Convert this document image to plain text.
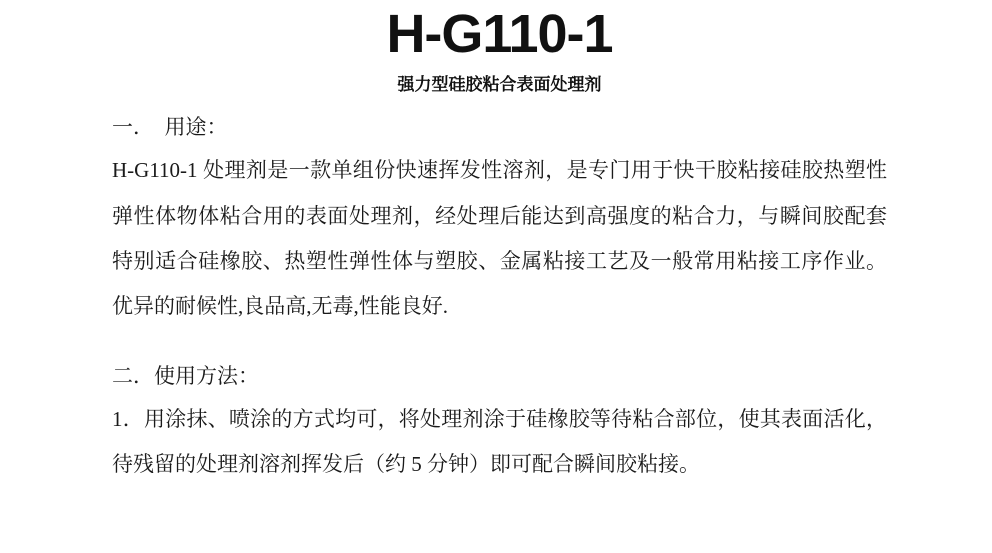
H-G110-1
强力型硅胶粘合表面处理剂
一．  用途：

H-G110-1 处理剂是一款单组份快速挥发性溶剂，是专门用于快干胶粘接硅胶热塑性弹性体物体粘合用的表面处理剂，经处理后能达到高强度的粘合力，与瞬间胶配套特别适合硅橡胶、热塑性弹性体与塑胶、金属粘接工艺及一般常用粘接工序作业。优异的耐候性,良品高,无毒,性能良好.

二．使用方法：

1．用涂抹、喷涂的方式均可，将处理剂涂于硅橡胶等待粘合部位，使其表面活化，待残留的处理剂溶剂挥发后（约 5 分钟）即可配合瞬间胶粘接。
